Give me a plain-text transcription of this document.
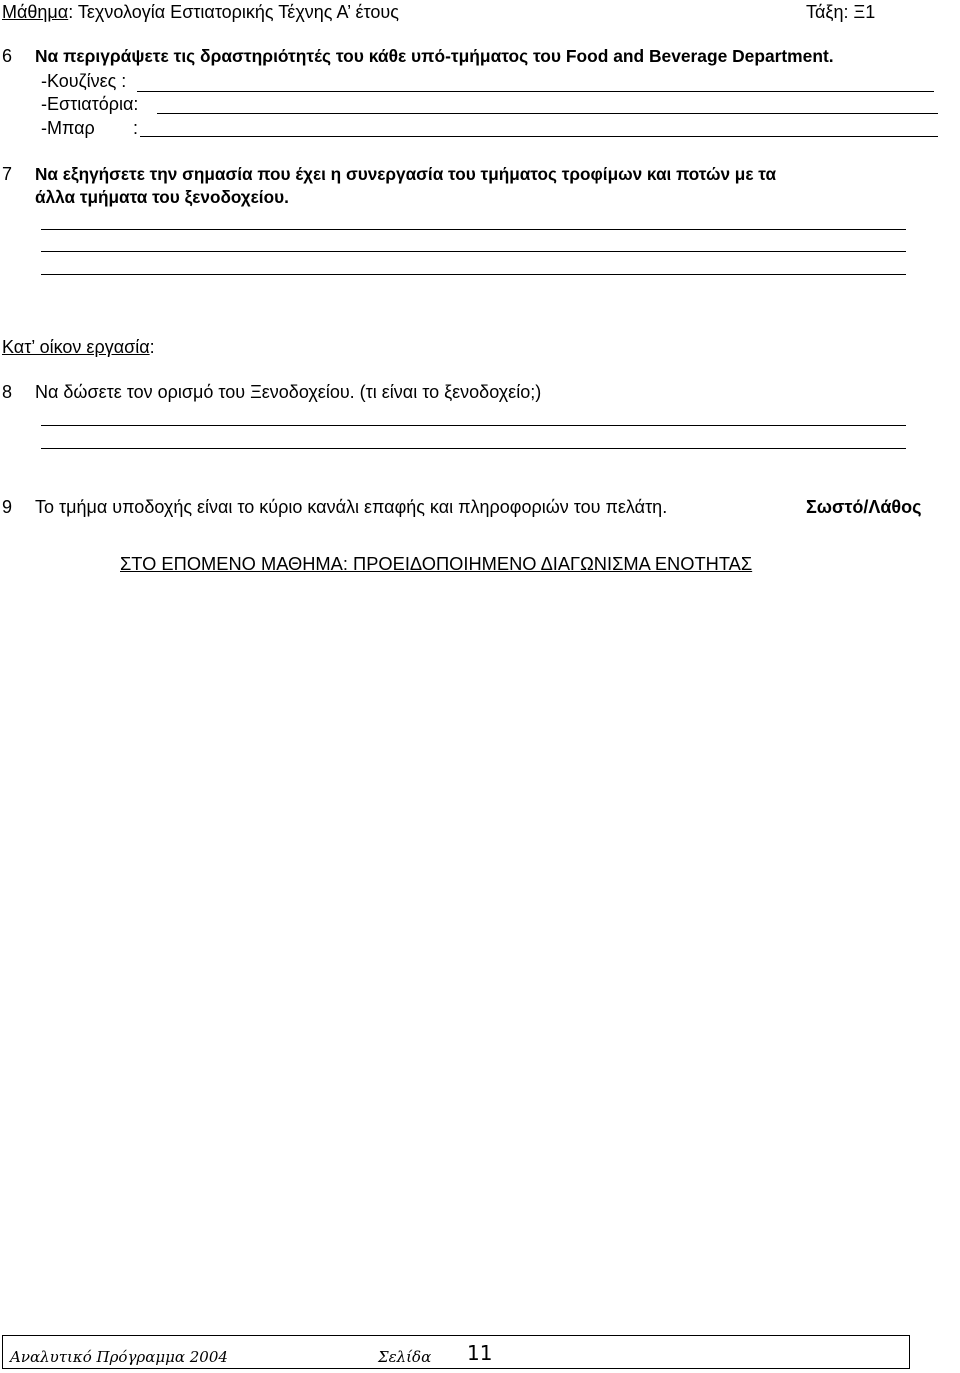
Μάθημα: Τεχνολογία Εστιατορικής Τέχνης Α’ έτους	Τάξη: Ξ1
6 Να περιγράψετε τις δραστηριότητές του κάθε υπό-τμήματος του Food and Beverage Department.
-Κουζίνες :
-Εστιατόρια:
-Μπαρ :
7 Να εξηγήσετε την σημασία που έχει η συνεργασία του τμήματος τροφίμων και ποτών με τα
άλλα τμήματα του ξενοδοχείου.
Κατ’ οίκον εργασία:
8 Να δώσετε τον ορισμό του Ξενοδοχείου. (τι είναι το ξενοδοχείο;)
9 Το τμήμα υποδοχής είναι το κύριο κανάλι επαφής και πληροφοριών του πελάτη.	Σωστό/Λάθος
ΣΤΟ ΕΠΟΜΕΝΟ ΜΑΘΗΜΑ: ΠΡΟΕΙΔΟΠΟΙΗΜΕΝΟ ΔΙΑΓΩΝΙΣΜΑ ΕΝΟΤΗΤΑΣ
Αναλυτικό Πρόγραμμα 2004	Σελίδα 11
